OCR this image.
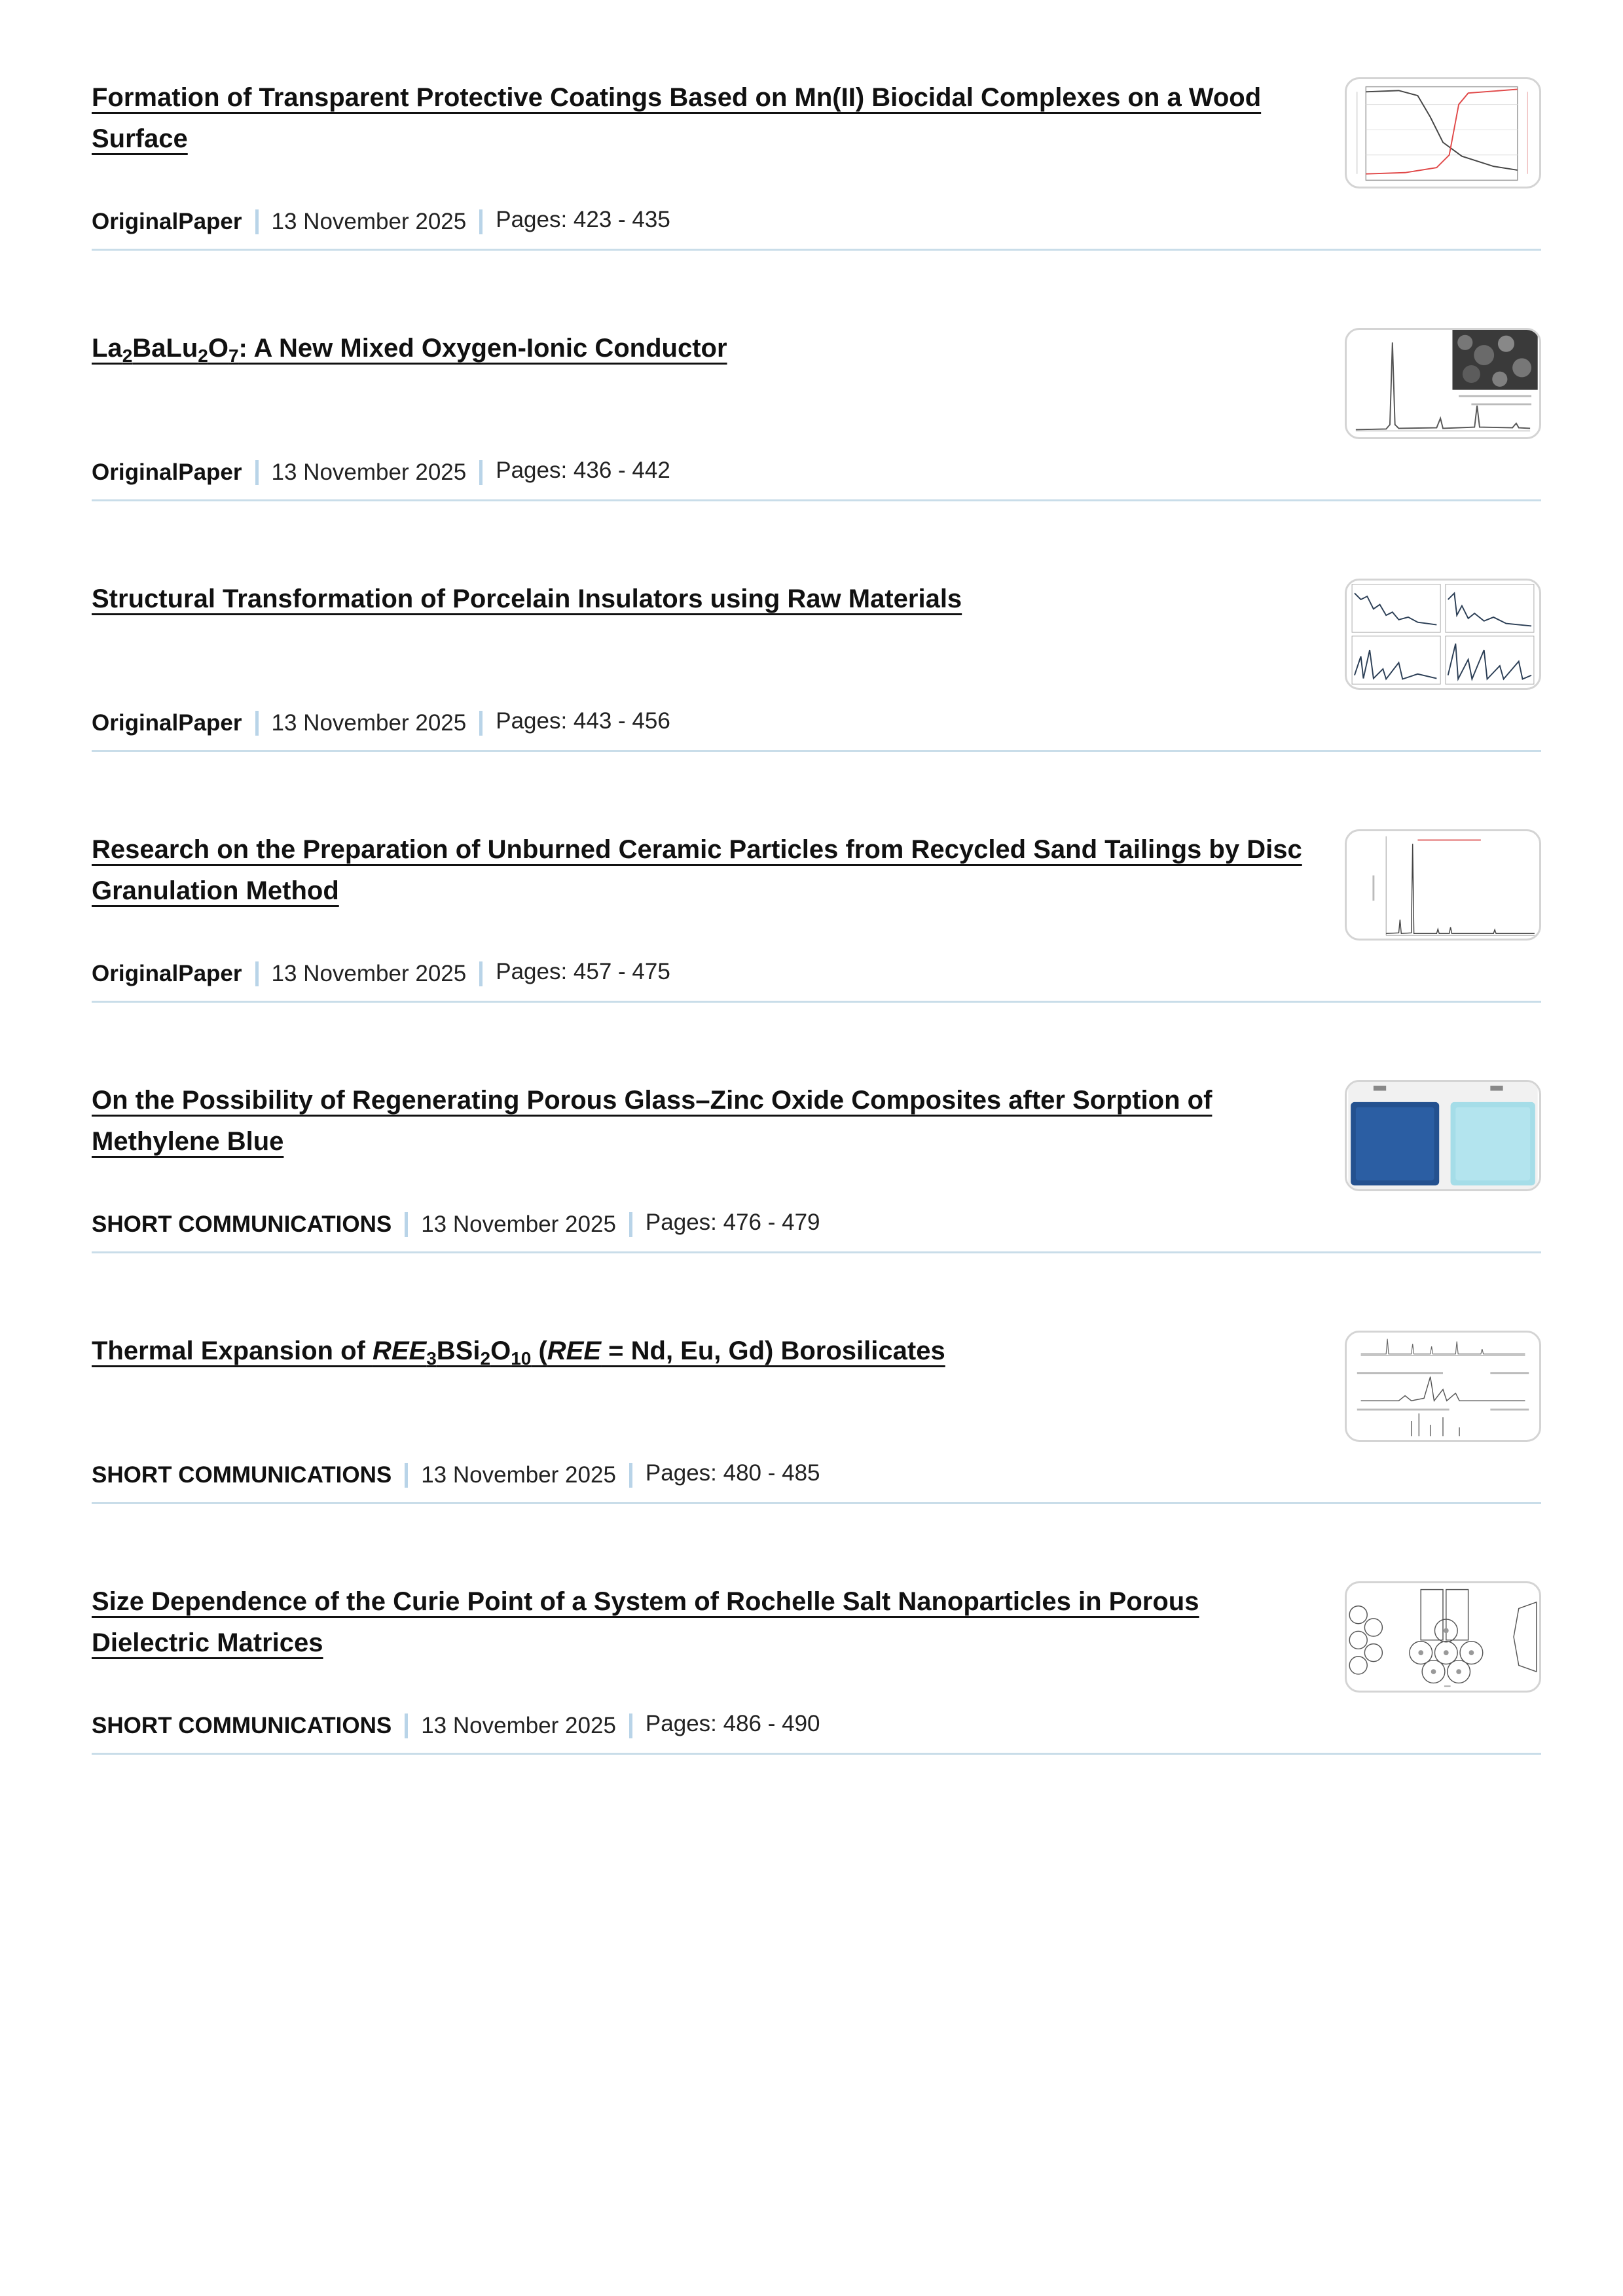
Formation of Transparent Protective Coatings Based on Mn(II) Biocidal Complexes on a Wood Surface
OriginalPaper 13 November 2025 Pages: 423 - 435
$La_2BaLu_2O_7$: A New Mixed Oxygen-Ionic Conductor
OriginalPaper 13 November 2025 Pages: 436 - 442
Structural Transformation of Porcelain Insulators using Raw Materials
OriginalPaper 13 November 2025 Pages: 443 - 456
Research on the Preparation of Unburned Ceramic Particles from Recycled Sand Tailings by Disc Granulation Method
OriginalPaper 13 November 2025 Pages: 457 - 475
On the Possibility of Regenerating Porous Glass–Zinc Oxide Composites after Sorption of Methylene Blue
SHORT COMMUNICATIONS 13 November 2025 Pages: 476 - 479
Thermal Expansion of $REE_3BSi_2O_{10}$ (REE = Nd, Eu, Gd) Borosilicates
SHORT COMMUNICATIONS 13 November 2025 Pages: 480 - 485
Size Dependence of the Curie Point of a System of Rochelle Salt Nanoparticles in Porous Dielectric Matrices
SHORT COMMUNICATIONS 13 November 2025 Pages: 486 - 490
